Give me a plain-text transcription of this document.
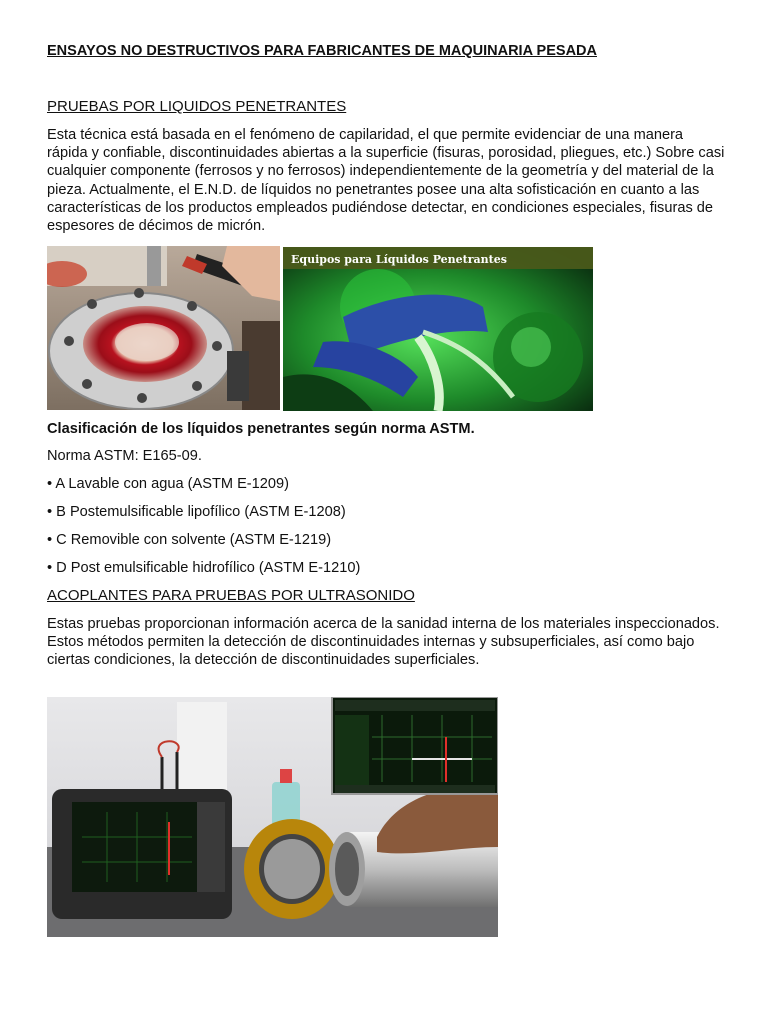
ENSAYOS NO DESTRUCTIVOS PARA FABRICANTES DE MAQUINARIA PESADA
PRUEBAS POR LIQUIDOS PENETRANTES
Esta técnica está basada en el fenómeno de capilaridad, el que permite evidenciar de una manera rápida y confiable, discontinuidades abiertas a la superficie (fisuras, porosidad, pliegues, etc.) Sobre casi cualquier componente (ferrosos y no ferrosos) independientemente de la geometría y del material de la pieza. Actualmente, el E.N.D. de líquidos no penetrantes posee una alta sofisticación en cuanto a las características de los productos empleados pudiéndose detectar, en condiciones especiales, fisuras de espesores de décimos de micrón.
Equipos para Líquidos Penetrantes
Clasificación de los líquidos penetrantes según norma ASTM.
Norma ASTM: E165-09.
• A Lavable con agua (ASTM E-1209)
• B Postemulsificable lipofílico (ASTM E-1208)
• C Removible con solvente (ASTM E-1219)
• D Post emulsificable hidrofílico (ASTM E-1210)
ACOPLANTES PARA PRUEBAS POR ULTRASONIDO
Estas pruebas proporcionan información acerca de la sanidad interna de los materiales inspeccionados. Estos métodos permiten la detección de discontinuidades internas y subsuperficiales, así como bajo ciertas condiciones, la detección de discontinuidades superficiales.
